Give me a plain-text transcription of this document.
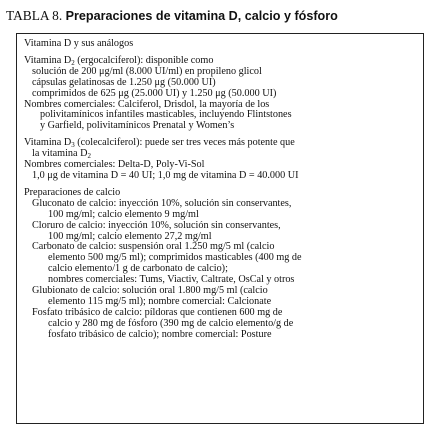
TABLA 8. Preparaciones de vitamina D, calcio y fósforo
Vitamina D y sus análogos
Vitamina $D_2$ (ergocalciferol): disponible como
solución de 200 μg/ml (8.000 UI/ml) en propileno glicol
cápsulas gelatinosas de 1.250 μg (50.000 UI)
comprimidos de 625 μg (25.000 UI) y 1.250 μg (50.000 UI)
Nombres comerciales: Calciferol, Drisdol, la mayoría de los
polivitamínicos infantiles masticables, incluyendo Flintstones
y Garfield, polivitamínicos Prenatal y Women’s
Vitamina $D_3$ (colecalciferol): puede ser tres veces más potente que
la vitamina $D_2$
Nombres comerciales: Delta-D, Poly-Vi-Sol
1,0 μg de vitamina D = 40 UI; 1,0 mg de vitamina D = 40.000 UI
Preparaciones de calcio
Gluconato de calcio: inyección 10%, solución sin conservantes,
100 mg/ml; calcio elemento 9 mg/ml
Cloruro de calcio: inyección 10%, solución sin conservantes,
100 mg/ml; calcio elemento 27,2 mg/ml
Carbonato de calcio: suspensión oral 1.250 mg/5 ml (calcio
elemento 500 mg/5 ml); comprimidos masticables (400 mg de
calcio elemento/1 g de carbonato de calcio);
nombres comerciales: Tums, Viactiv, Caltrate, OsCal y otros
Glubionato de calcio: solución oral 1.800 mg/5 ml (calcio
elemento 115 mg/5 ml); nombre comercial: Calcionate
Fosfato tribásico de calcio: píldoras que contienen 600 mg de
calcio y 280 mg de fósforo (390 mg de calcio elemento/g de
fosfato tribásico de calcio); nombre comercial: Posture
